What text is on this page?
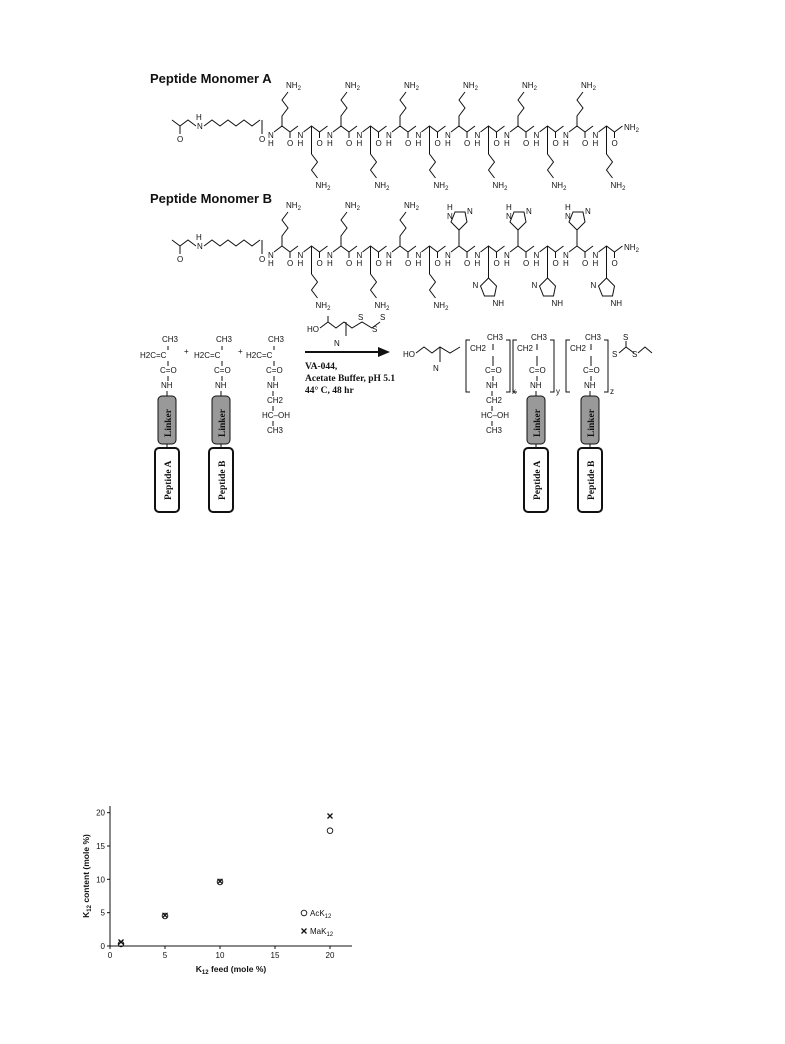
Peptide Monomer A
O
N
H
O N
H O
$NH_2$
N
H O
$NH_2$
N
H O
$NH_2$
N
H O
$NH_2$
N
H O
$NH_2$
N
H O
$NH_2$
N
H O
$NH_2$
N
H O
$NH_2$
N
H O
$NH_2$
N
H O
$NH_2$
N
H O
$NH_2$
N
H O
$NH_2$
$NH_2$
Peptide Monomer B
O
N
H
O N
H O
$NH_2$
N
H O
$NH_2$
N
H O
$NH_2$
N
H O
$NH_2$
N
H O
$NH_2$
N
H O
$NH_2$
N
H O
H
N
N
N
H O
N
NH
N
H O
H
N
N
N
H O
N
NH
N
H O
H
N
N
N
H O
N
NH
$NH_2$
CH3
H2C=C
C=O
NH
Linker
Peptide A
+
CH3
H2C=C
C=O
NH
Linker
Peptide B
+
CH3
H2C=C
C=O
NH
CH2
HC–OH
CH3
HO
N
S
S
S
VA-044,
Acetate Buffer, pH 5.1
44° C, 48 hr
HO
N
CH2
CH3
C=O
NH
CH2
HC–OH
CH3
x
CH2
CH3
C=O
NH
Linker
Peptide A
y
CH2
CH3
C=O
NH
Linker
Peptide B
z
S
S
S
0	5	10	15	20
0
5
10
15
20
$K_{12}$ feed (mole %)
$K_{12}$ content (mole %)
AcK$_{12}$
MaK$_{12}$
